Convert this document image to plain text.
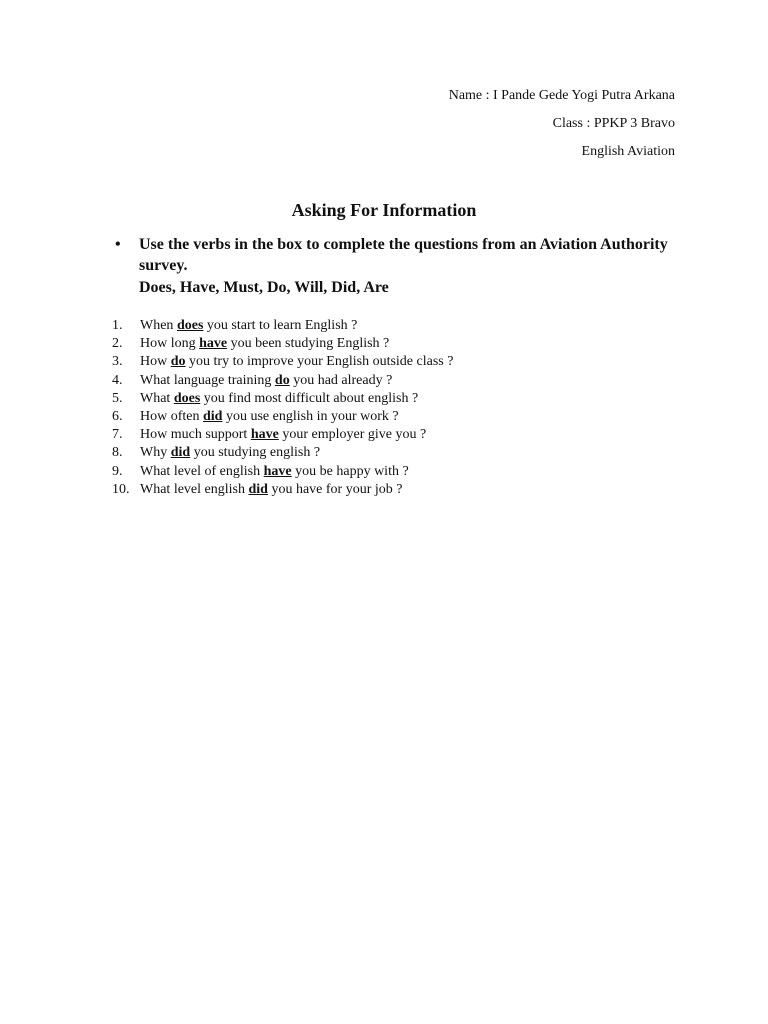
Name : I Pande Gede Yogi Putra Arkana
Class : PPKP 3 Bravo
English Aviation
Asking For Information
•	Use the verbs in the box to complete the questions from an Aviation Authority survey.
Does, Have, Must, Do, Will, Did, Are
1.	When does you start to learn English ?
2.	How long have you been studying English ?
3.	How do you try to improve your English outside class ?
4.	What language training do you had already ?
5.	What does you find most difficult about english ?
6.	How often did you use english in your work ?
7.	How much support have your employer give you ?
8.	Why did you studying english ?
9.	What level of english have you be happy with ?
10. What level english did you have for your job ?
